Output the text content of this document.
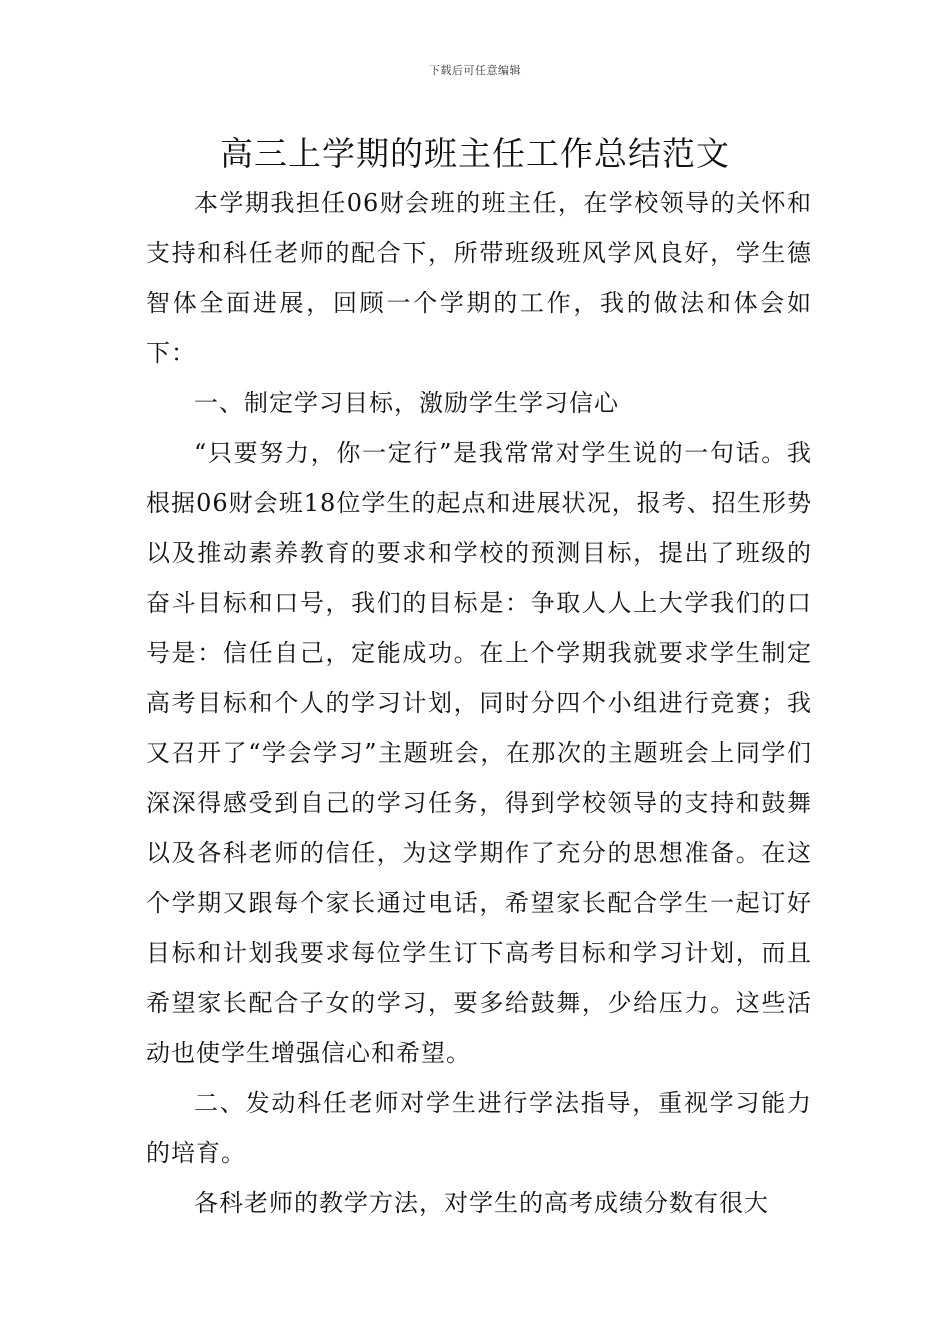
下载后可任意编辑
高三上学期的班主任工作总结范文

本学期我担任06财会班的班主任，在学校领导的关怀和支持和科任老师的配合下，所带班级班风学风良好，学生德智体全面进展，回顾一个学期的工作，我的做法和体会如下：

一、制定学习目标，激励学生学习信心

“只要努力，你一定行”是我常常对学生说的一句话。我根据06财会班18位学生的起点和进展状况，报考、招生形势以及推动素养教育的要求和学校的预测目标，提出了班级的奋斗目标和口号，我们的目标是：争取人人上大学我们的口号是：信任自己，定能成功。在上个学期我就要求学生制定高考目标和个人的学习计划，同时分四个小组进行竞赛；我又召开了“学会学习”主题班会，在那次的主题班会上同学们深深得感受到自己的学习任务，得到学校领导的支持和鼓舞以及各科老师的信任，为这学期作了充分的思想准备。在这个学期又跟每个家长通过电话，希望家长配合学生一起订好目标和计划我要求每位学生订下高考目标和学习计划，而且希望家长配合子女的学习，要多给鼓舞，少给压力。这些活动也使学生增强信心和希望。

二、发动科任老师对学生进行学法指导，重视学习能力的培育。

各科老师的教学方法，对学生的高考成绩分数有很大
